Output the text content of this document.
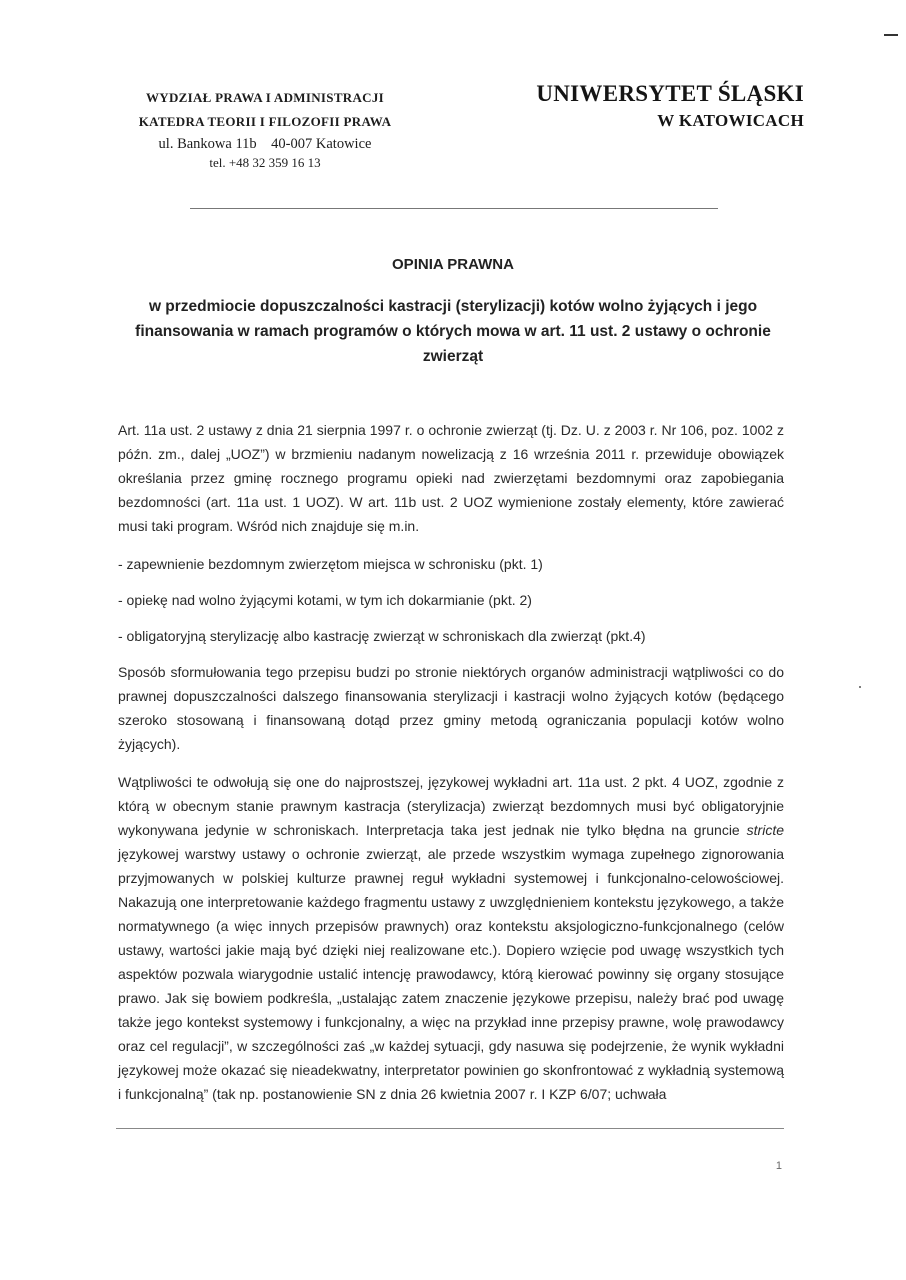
WYDZIAŁ PRAWA I ADMINISTRACJI
KATEDRA TEORII I FILOZOFII PRAWA
ul. Bankowa 11b    40-007 Katowice
tel. +48 32 359 16 13
UNIWERSYTET ŚLĄSKI
W KATOWICACH
OPINIA PRAWNA
w przedmiocie dopuszczalności kastracji (sterylizacji) kotów wolno żyjących i jego finansowania w ramach programów o których mowa w art. 11 ust. 2 ustawy o ochronie zwierząt

Art. 11a ust. 2 ustawy z dnia 21 sierpnia 1997 r. o ochronie zwierząt (tj. Dz. U. z 2003 r. Nr 106, poz. 1002 z późn. zm., dalej „UOZ”) w brzmieniu nadanym nowelizacją z 16 września 2011 r. przewiduje obowiązek określania przez gminę rocznego programu opieki nad zwierzętami bezdomnymi oraz zapobiegania bezdomności (art. 11a ust. 1 UOZ). W art. 11b ust. 2 UOZ wymienione zostały elementy, które zawierać musi taki program. Wśród nich znajduje się m.in.

- zapewnienie bezdomnym zwierzętom miejsca w schronisku (pkt. 1)

- opiekę nad wolno żyjącymi kotami, w tym ich dokarmianie (pkt. 2)

- obligatoryjną sterylizację albo kastrację zwierząt w schroniskach dla zwierząt (pkt.4)

Sposób sformułowania tego przepisu budzi po stronie niektórych organów administracji wątpliwości co do prawnej dopuszczalności dalszego finansowania sterylizacji i kastracji wolno żyjących kotów (będącego szeroko stosowaną i finansowaną dotąd przez gminy metodą ograniczania populacji kotów wolno żyjących).

Wątpliwości te odwołują się one do najprostszej, językowej wykładni art. 11a ust. 2 pkt. 4 UOZ, zgodnie z którą w obecnym stanie prawnym kastracja (sterylizacja) zwierząt bezdomnych musi być obligatoryjnie wykonywana jedynie w schroniskach. Interpretacja taka jest jednak nie tylko błędna na gruncie stricte językowej warstwy ustawy o ochronie zwierząt, ale przede wszystkim wymaga zupełnego zignorowania przyjmowanych w polskiej kulturze prawnej reguł wykładni systemowej i funkcjonalno-celowościowej. Nakazują one interpretowanie każdego fragmentu ustawy z uwzględnieniem kontekstu językowego, a także normatywnego (a więc innych przepisów prawnych) oraz kontekstu aksjologiczno-funkcjonalnego (celów ustawy, wartości jakie mają być dzięki niej realizowane etc.). Dopiero wzięcie pod uwagę wszystkich tych aspektów pozwala wiarygodnie ustalić intencję prawodawcy, którą kierować powinny się organy stosujące prawo. Jak się bowiem podkreśla, „ustalając zatem znaczenie językowe przepisu, należy brać pod uwagę także jego kontekst systemowy i funkcjonalny, a więc na przykład inne przepisy prawne, wolę prawodawcy oraz cel regulacji”, w szczególności zaś „w każdej sytuacji, gdy nasuwa się podejrzenie, że wynik wykładni językowej może okazać się nieadekwatny, interpretator powinien go skonfrontować z wykładnią systemową i funkcjonalną” (tak np. postanowienie SN z dnia 26 kwietnia 2007 r. I KZP 6/07; uchwała

1
